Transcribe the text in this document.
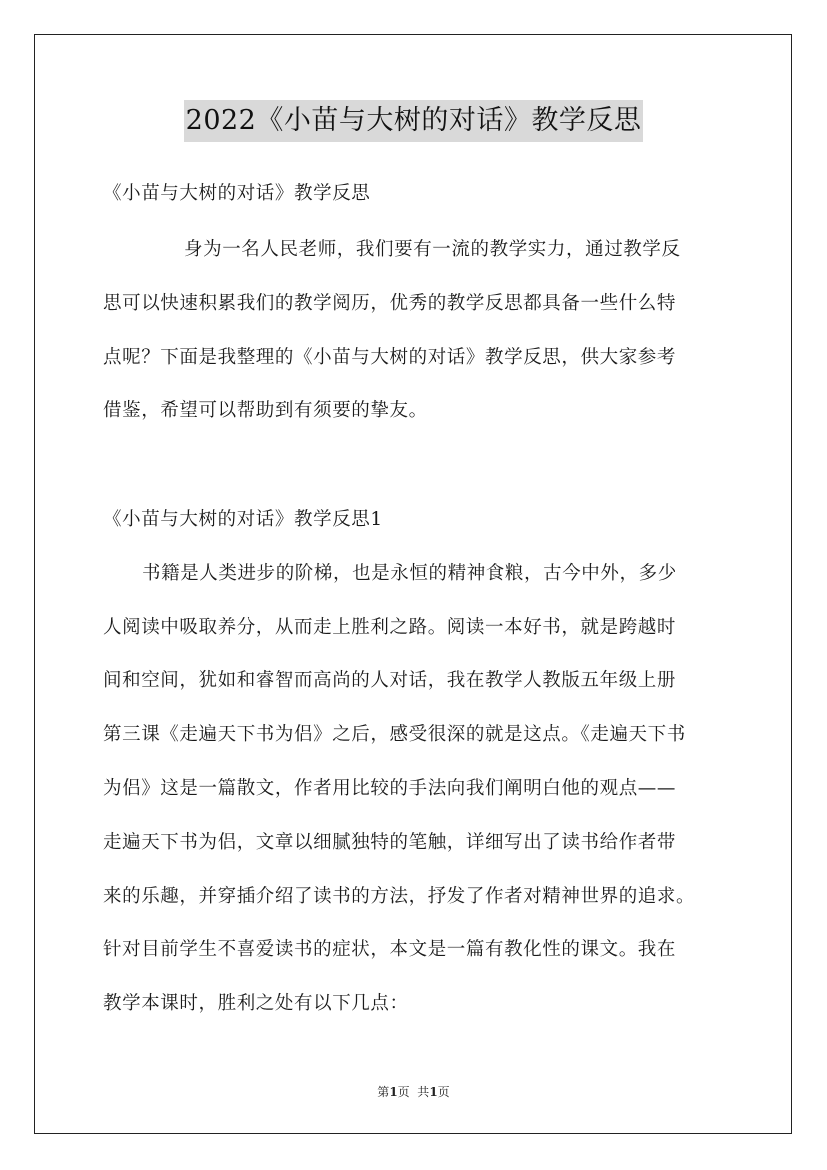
2022《小苗与大树的对话》教学反思
《小苗与大树的对话》教学反思
身为一名人民老师，我们要有一流的教学实力，通过教学反
思可以快速积累我们的教学阅历，优秀的教学反思都具备一些什么特
点呢？下面是我整理的《小苗与大树的对话》教学反思，供大家参考
借鉴，希望可以帮助到有须要的挚友。
《小苗与大树的对话》教学反思1
书籍是人类进步的阶梯，也是永恒的精神食粮，古今中外，多少
人阅读中吸取养分，从而走上胜利之路。阅读一本好书，就是跨越时
间和空间，犹如和睿智而高尚的人对话，我在教学人教版五年级上册
第三课《走遍天下书为侣》之后，感受很深的就是这点。《走遍天下书
为侣》这是一篇散文，作者用比较的手法向我们阐明白他的观点——
走遍天下书为侣，文章以细腻独特的笔触，详细写出了读书给作者带
来的乐趣，并穿插介绍了读书的方法，抒发了作者对精神世界的追求。
针对目前学生不喜爱读书的症状，本文是一篇有教化性的课文。我在
教学本课时，胜利之处有以下几点：
第1页  共1页
